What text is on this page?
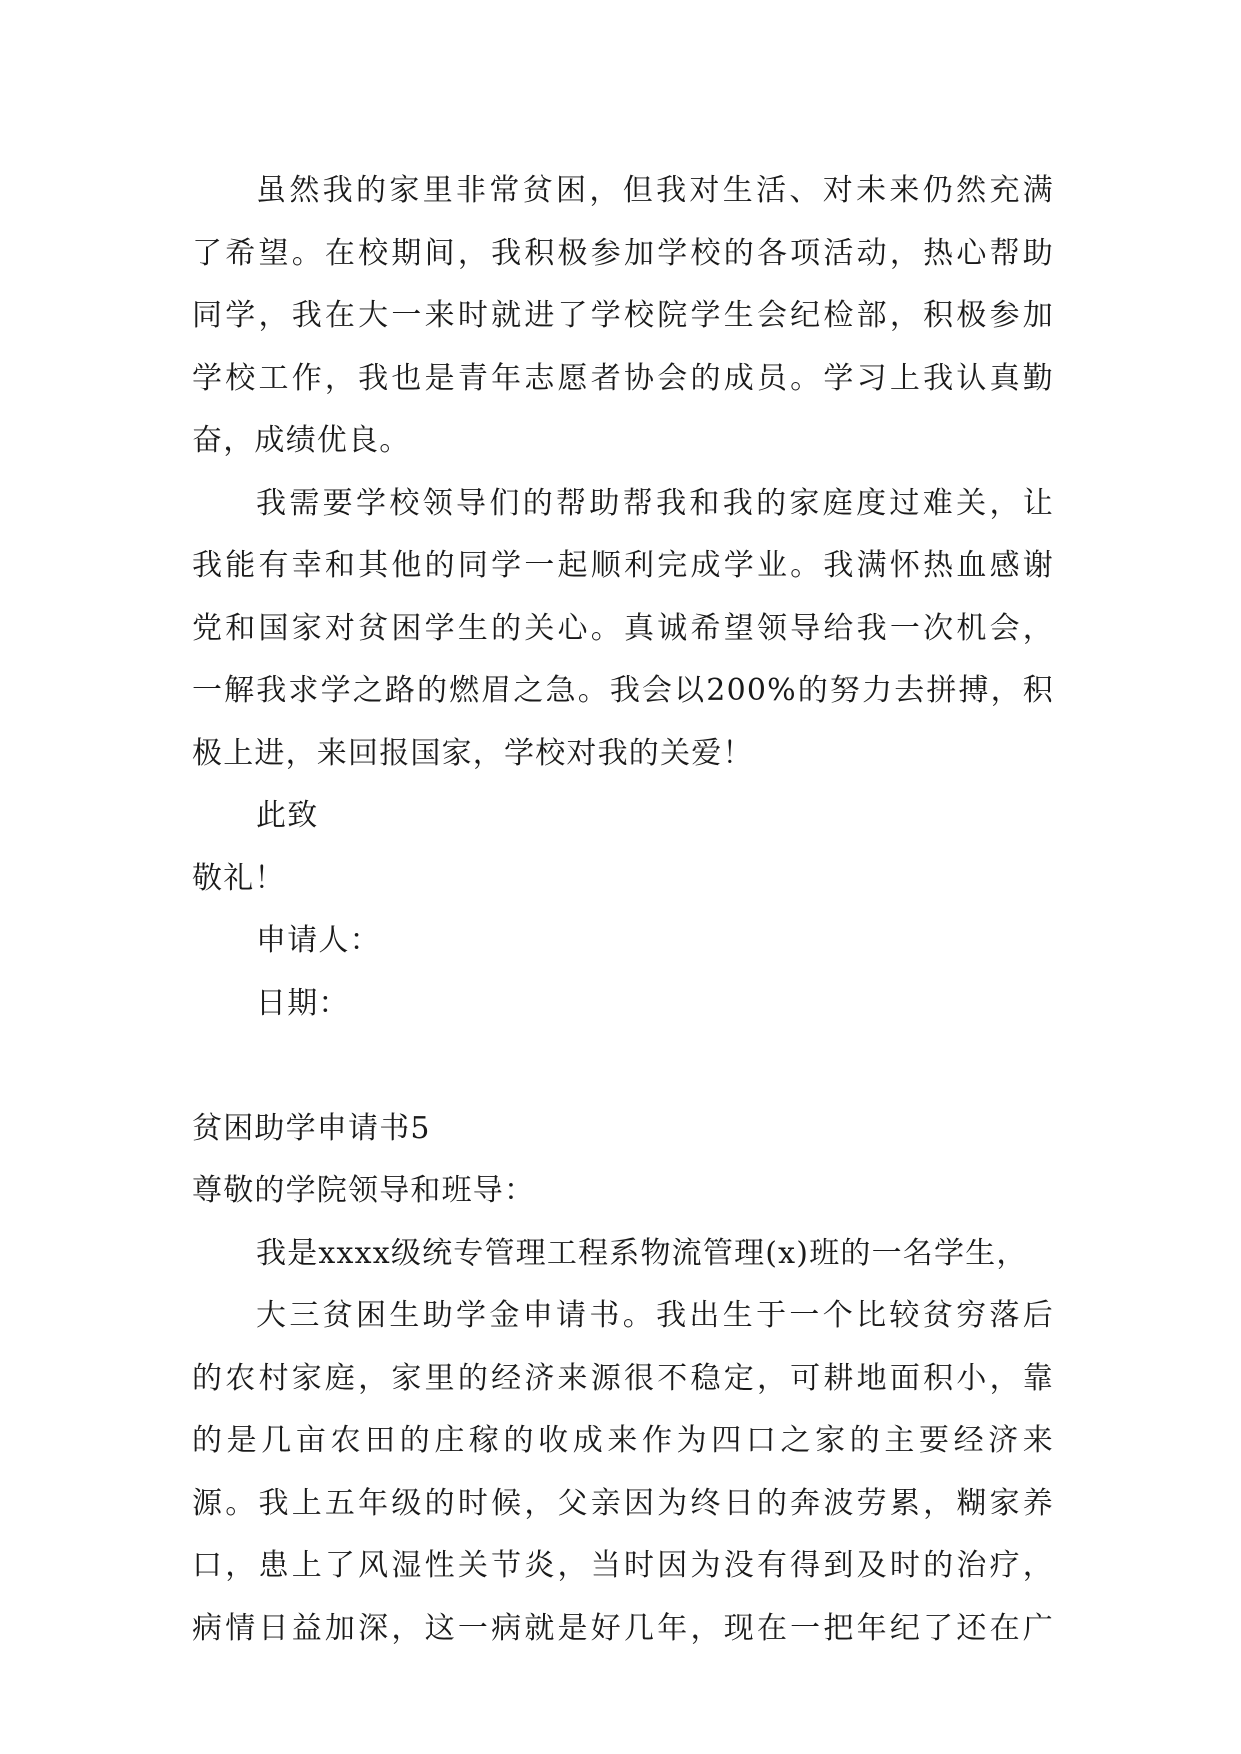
虽然我的家里非常贫困，但我对生活、对未来仍然充满
了希望。在校期间，我积极参加学校的各项活动，热心帮助
同学，我在大一来时就进了学校院学生会纪检部，积极参加
学校工作，我也是青年志愿者协会的成员。学习上我认真勤
奋，成绩优良。
我需要学校领导们的帮助帮我和我的家庭度过难关，让
我能有幸和其他的同学一起顺利完成学业。我满怀热血感谢
党和国家对贫困学生的关心。真诚希望领导给我一次机会，
一解我求学之路的燃眉之急。我会以200%的努力去拼搏，积
极上进，来回报国家，学校对我的关爱！
此致
敬礼！
申请人：
日期：
贫困助学申请书5
尊敬的学院领导和班导：
我是xxxx级统专管理工程系物流管理(x)班的一名学生，
大三贫困生助学金申请书。我出生于一个比较贫穷落后
的农村家庭，家里的经济来源很不稳定，可耕地面积小，靠
的是几亩农田的庄稼的收成来作为四口之家的主要经济来
源。我上五年级的时候，父亲因为终日的奔波劳累，糊家养
口，患上了风湿性关节炎，当时因为没有得到及时的治疗，
病情日益加深，这一病就是好几年，现在一把年纪了还在广
